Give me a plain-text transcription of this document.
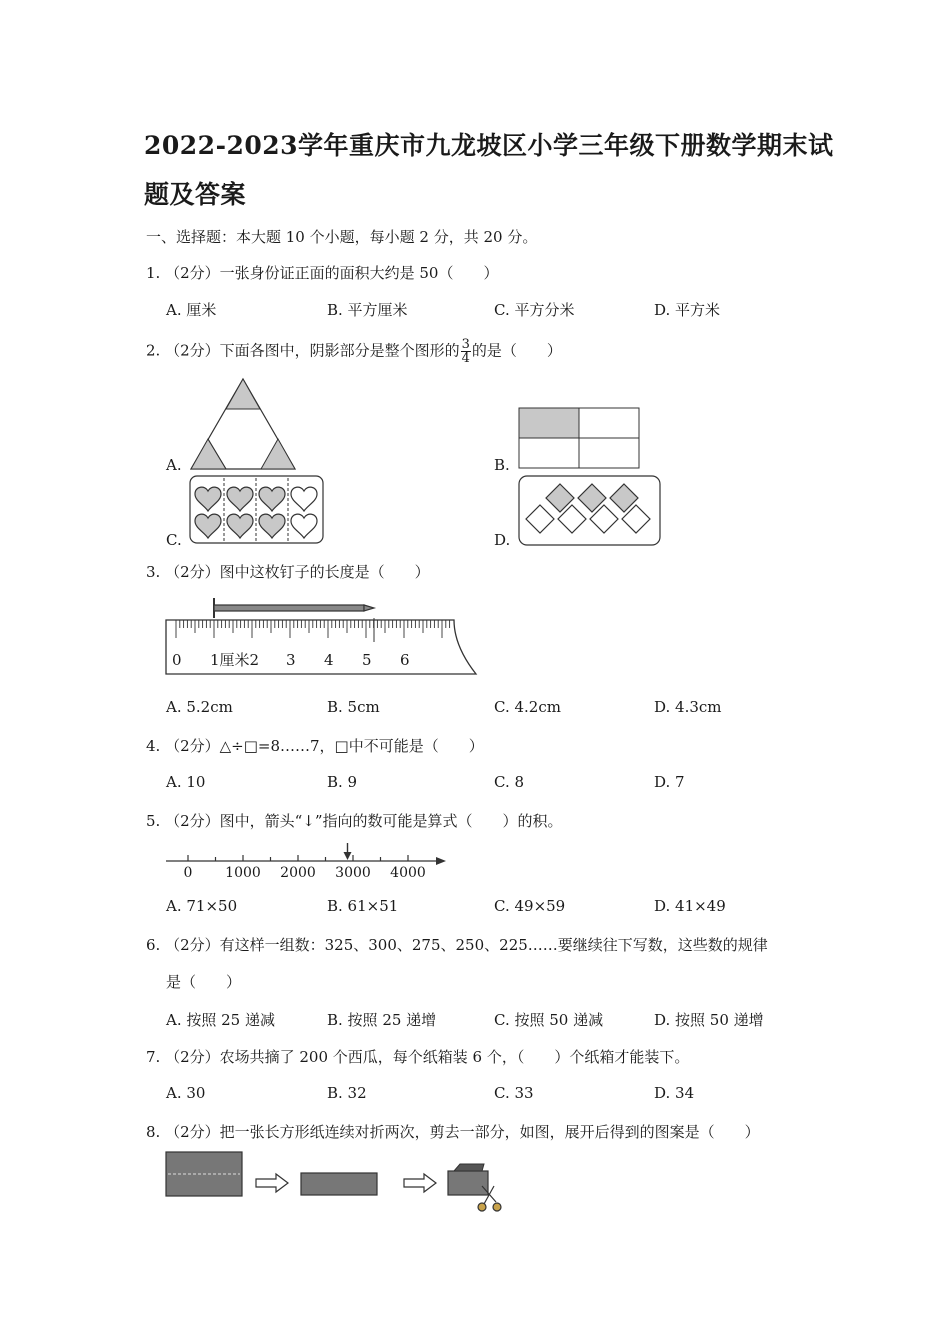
2022-2023学年重庆市九龙坡区小学三年级下册数学期末试
题及答案
一、选择题：本大题 10 个小题，每小题 2 分，共 20 分。
1. （2分）一张身份证正面的面积大约是 50（　　）
A. 厘米	B. 平方厘米	C. 平方分米	D. 平方米
2. （2分）下面各图中，阴影部分是整个图形的 $\frac{3}{4}$ 的是（　　）
A.	B.
C.	D.
3. （2分）图中这枚钉子的长度是（　　）
0 1厘米2 3 4 5 6
A. 5.2cm	B. 5cm	C. 4.2cm	D. 4.3cm
4. （2分）△÷□=8……7，□中不可能是（　　）
A. 10	B. 9	C. 8	D. 7
5. （2分）图中，箭头“↓”指向的数可能是算式（　　）的积。
0 1000 2000 3000 4000
A. 71×50	B. 61×51	C. 49×59	D. 41×49
6. （2分）有这样一组数：325、300、275、250、225……要继续往下写数，这些数的规律
是（　　）
A. 按照 25 递减	B. 按照 25 递增	C. 按照 50 递减	D. 按照 50 递增
7. （2分）农场共摘了 200 个西瓜，每个纸箱装 6 个，（　　）个纸箱才能装下。
A. 30	B. 32	C. 33	D. 34
8. （2分）把一张长方形纸连续对折两次，剪去一部分，如图，展开后得到的图案是（　　）
